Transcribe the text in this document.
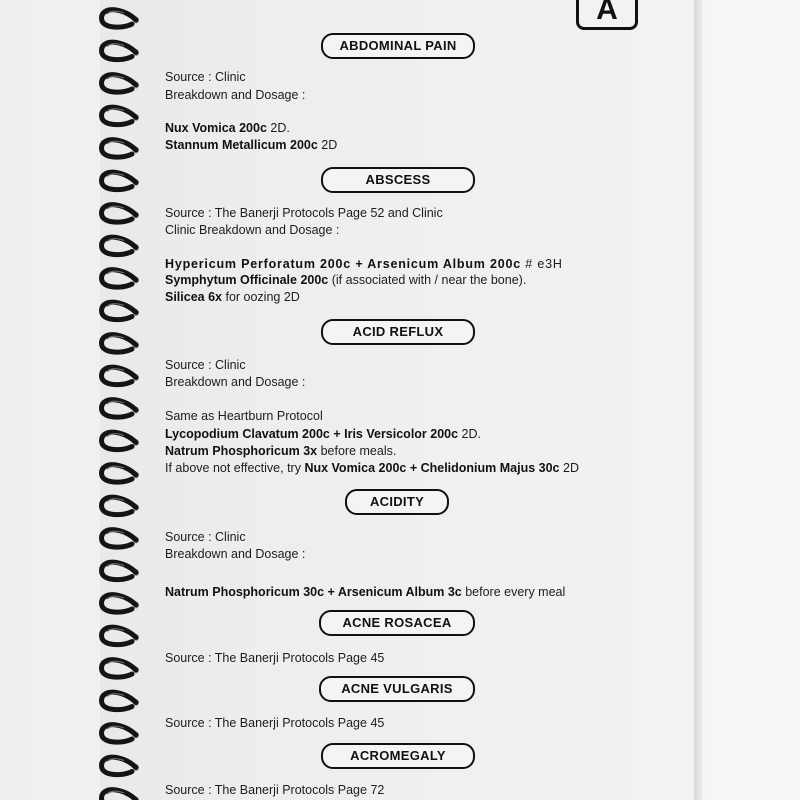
A
ABDOMINAL PAIN
Source : Clinic
Breakdown and Dosage :
Nux Vomica 200c 2D.
Stannum Metallicum 200c 2D
ABSCESS
Source : The Banerji Protocols Page 52 and Clinic
Clinic Breakdown and Dosage :
Hypericum Perforatum 200c + Arsenicum Album 200c # e3H
Symphytum Officinale 200c (if associated with / near the bone).
Silicea 6x for oozing 2D
ACID REFLUX
Source : Clinic
Breakdown and Dosage :
Same as Heartburn Protocol
Lycopodium Clavatum 200c + Iris Versicolor 200c 2D.
Natrum Phosphoricum 3x before meals.
If above not effective, try Nux Vomica 200c + Chelidonium Majus 30c 2D
ACIDITY
Source : Clinic
Breakdown and Dosage :
Natrum Phosphoricum 30c + Arsenicum Album 3c before every meal
ACNE ROSACEA
Source : The Banerji Protocols Page 45
ACNE VULGARIS
Source : The Banerji Protocols Page 45
ACROMEGALY
Source : The Banerji Protocols Page 72
